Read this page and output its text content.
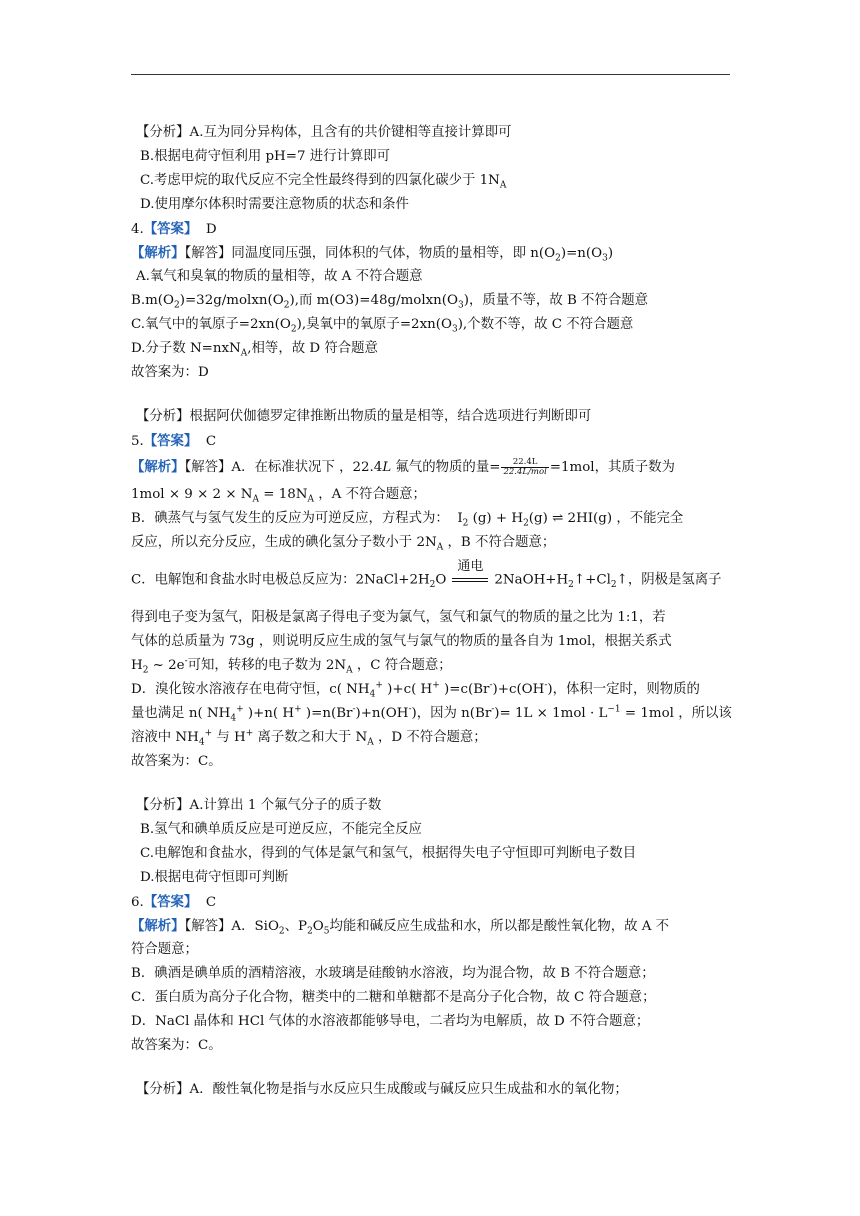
【分析】A.互为同分异构体，且含有的共价键相等直接计算即可
B.根据电荷守恒利用 pH=7 进行计算即可
C.考虑甲烷的取代反应不完全性最终得到的四氯化碳少于 $1N_A$
D.使用摩尔体积时需要注意物质的状态和条件
4.【答案】 D
【解析】【解答】同温度同压强，同体积的气体，物质的量相等，即 $n(O_2)=n(O_3)$
A.氧气和臭氧的物质的量相等，故 A 不符合题意
$B.m(O_2)=32g/molxn(O_2)$,而 $m(O3)=48g/molxn(O_3)$，质量不等，故 B 不符合题意
C.氧气中的氧原子$=2xn(O_2)$,臭氧中的氧原子$=2xn(O_3)$,个数不等，故 C 不符合题意
D.分子数 N=nxN$_A$,相等，故 D 符合题意
故答案为：D
【分析】根据阿伏伽德罗定律推断出物质的量是相等，结合选项进行判断即可
5.【答案】 C
【解析】【解答】A．在标准状况下 ，22.4L 氟气的物质的量= $\frac{22.4L}{\text{22.4L/mol}} =1mol$，其质子数为
$1mol \times 9 \times 2 \times N_A = 18N_A$ ，A 不符合题意；
B．碘蒸气与氢气发生的反应为可逆反应，方程式为： $I_2$ $(g) + H_2(g)$ ⇌ 2HI(g) ，不能完全
反应，所以充分反应，生成的碘化氢分子数小于 $2N_A$ ，B 不符合题意；
C．电解饱和食盐水时电极总反应为：$2NaCl+2H_2O$
通电
$2NaOH+H_2↑+Cl_2↑$，阴极是氢离子
得到电子变为氢气，阳极是氯离子得电子变为氯气，氢气和氯气的物质的量之比为 1:1，若
气体的总质量为 73g ，则说明反应生成的氢气与氯气的物质的量各自为 1mol，根据关系式
$H_2$ ~ 2e-可知，转移的电子数为 $2N_A$ ，C 符合题意；
D．溴化铵水溶液存在电荷守恒，c( $NH_4^+$ )+c( H+ )=c(Br-)+c(OH-)，体积一定时，则物质的
量也满足 n( $NH_4^+$ )+n( H+ )=n(Br-)+n(OH-)，因为 $n(Br^-)= 1L \times 1mol \cdot L^{-1} = 1mol$ ，所以该
溶液中 $NH_4^+$ 与 H+ 离子数之和大于 $N_A$ ，D 不符合题意；
故答案为：C。
【分析】A.计算出 1 个氟气分子的质子数
B.氢气和碘单质反应是可逆反应，不能完全反应
C.电解饱和食盐水，得到的气体是氯气和氢气，根据得失电子守恒即可判断电子数目
D.根据电荷守恒即可判断
6.【答案】 C
【解析】【解答】A．SiO$_2$、$P_2O_5$均能和碱反应生成盐和水，所以都是酸性氧化物，故 A 不
符合题意；
B．碘酒是碘单质的酒精溶液，水玻璃是硅酸钠水溶液，均为混合物，故 B 不符合题意；
C．蛋白质为高分子化合物，糖类中的二糖和单糖都不是高分子化合物，故 C 符合题意；
D．NaCl 晶体和 HCl 气体的水溶液都能够导电，二者均为电解质，故 D 不符合题意；
故答案为：C。
【分析】A．酸性氧化物是指与水反应只生成酸或与碱反应只生成盐和水的氧化物；
